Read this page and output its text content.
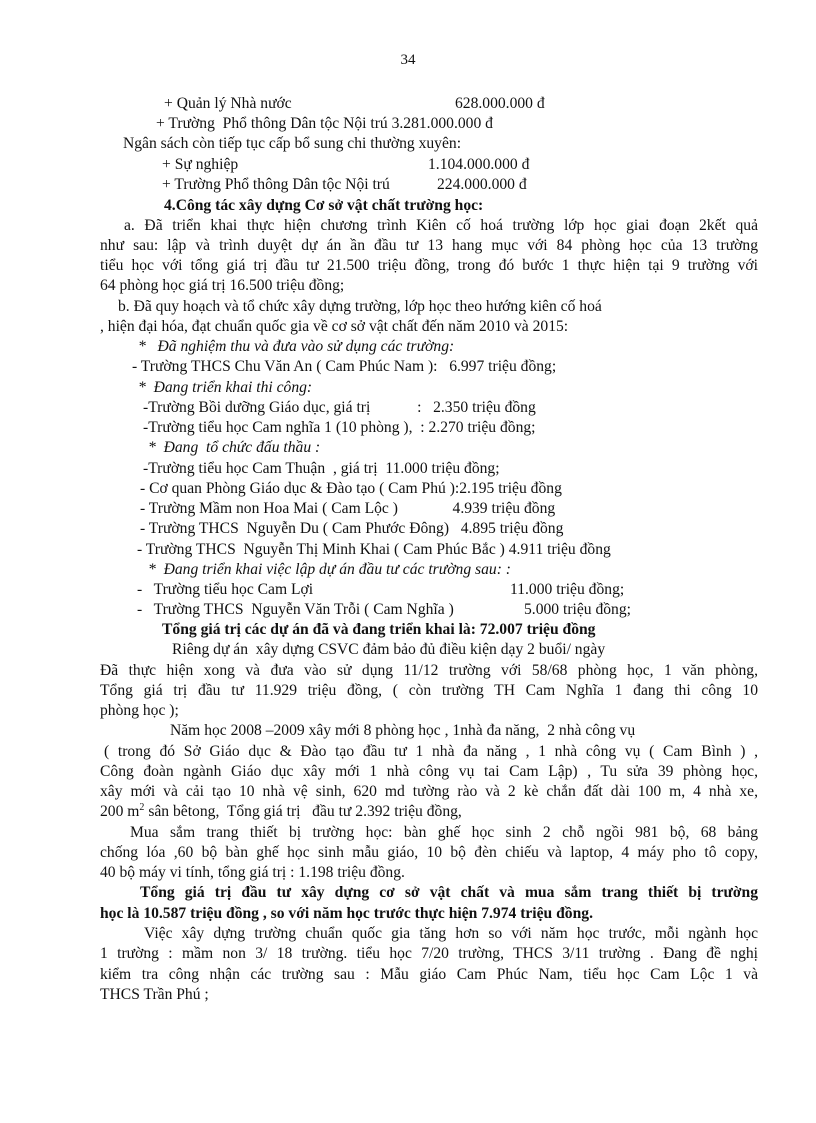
34
+ Quản lý Nhà nước	628.000.000 đ
+ Trường  Phổ thông Dân tộc Nội trú 3.281.000.000 đ
Ngân sách còn tiếp tục cấp bổ sung chi thường xuyên:
+ Sự nghiệp	1.104.000.000 đ
+ Trường Phổ thông Dân tộc Nội trú	224.000.000 đ
4.Công tác xây dựng Cơ sở vật chất trường học:
a. Đã triển khai thực hiện chương trình Kiên cố hoá trường lớp học giai đoạn 2kết quả
như sau: lập và trình duyệt dự án ần đầu tư 13 hang mục với 84 phòng học của 13 trường
tiểu học với tổng giá trị đầu tư 21.500 triệu đồng, trong đó bước 1 thực hiện tại 9 trường với
64 phòng học giá trị 16.500 triệu đồng;
b. Đã quy hoạch và tổ chức xây dựng trường, lớp học theo hướng kiên cố hoá
, hiện đại hóa, đạt chuẩn quốc gia về cơ sở vật chất đến năm 2010 và 2015:
*   Đã nghiệm thu và đưa vào sử dụng các trường:
- Trường THCS Chu Văn An ( Cam Phúc Nam ):   6.997 triệu đồng;
*  Đang triển khai thi công:
-Trường Bồi dưỡng Giáo dục, giá trị            :   2.350 triệu đồng
-Trường tiểu học Cam nghĩa 1 (10 phòng ),  : 2.270 triệu đồng;
*  Đang  tổ chức đấu thầu :
-Trường tiểu học Cam Thuận  , giá trị  11.000 triệu đồng;
- Cơ quan Phòng Giáo dục & Đào tạo ( Cam Phú ):2.195 triệu đồng
- Trường Mầm non Hoa Mai ( Cam Lộc )              4.939 triệu đồng
- Trường THCS  Nguyễn Du ( Cam Phước Đông)   4.895 triệu đồng
- Trường THCS  Nguyễn Thị Minh Khai ( Cam Phúc Bắc ) 4.911 triệu đồng
*  Đang triển khai việc lập dự án đầu tư các trường sau: :
-   Trường tiểu học Cam Lợi	11.000 triệu đồng;
-   Trường THCS  Nguyễn Văn Trỗi ( Cam Nghĩa )	5.000 triệu đồng;
Tổng giá trị các dự án đã và đang triển khai là: 72.007 triệu đồng
Riêng dự án  xây dựng CSVC đảm bảo đủ điều kiện dạy 2 buổi/ ngày
Đã thực hiện xong và đưa vào sử dụng 11/12 trường với 58/68 phòng học, 1 văn phòng,
Tổng giá trị đầu tư 11.929 triệu đồng, ( còn trường TH Cam Nghĩa 1 đang thi công 10
phòng học );
Năm học 2008 –2009 xây mới 8 phòng học , 1nhà đa năng,  2 nhà công vụ
( trong đó Sở Giáo dục & Đào tạo đầu tư 1 nhà đa năng , 1 nhà công vụ ( Cam Bình ) ,
Công đoàn ngành Giáo dục xây mới 1 nhà công vụ tai Cam Lập) , Tu sửa 39 phòng học,
xây mới và cải tạo 10 nhà vệ sinh, 620 md tường rào và 2 kè chắn đất dài 100 m, 4 nhà xe,
200 $m^2$ sân bêtong,  Tổng giá trị   đầu tư 2.392 triệu đồng,
Mua sắm trang thiết bị trường học: bàn ghế học sinh 2 chỗ ngồi 981 bộ, 68 bảng
chống lóa ,60 bộ bàn ghế học sinh mẫu giáo, 10 bộ đèn chiếu và laptop, 4 máy pho tô copy,
40 bộ máy vi tính, tổng giá trị : 1.198 triệu đồng.
Tổng giá trị đầu tư xây dựng cơ sở vật chất và mua sắm trang thiết bị trường
học là 10.587 triệu đồng , so với năm học trước thực hiện 7.974 triệu đồng.
Việc xây dựng trường chuẩn quốc gia tăng hơn so với năm học trước, mỗi ngành học
1 trường : mầm non 3/ 18 trường. tiểu học 7/20 trường, THCS 3/11 trường . Đang đề nghị
kiểm tra công nhận các trường sau : Mẫu giáo Cam Phúc Nam, tiểu học Cam Lộc 1 và
THCS Trần Phú ;
